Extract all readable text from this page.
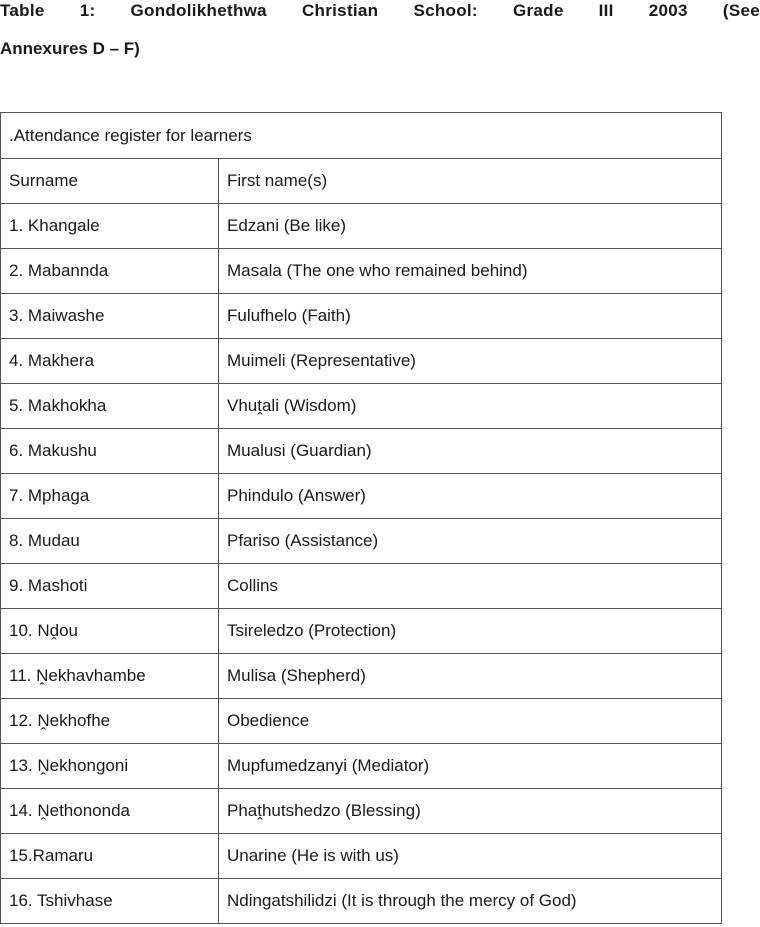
Table 1: Gondolikhethwa Christian School: Grade III 2003 (See
Annexures D – F)
.Attendance register for learners	
Surname	First name(s)
1. Khangale	Edzani (Be like)
2. Mabannda	Masala (The one who remained behind)
3. Maiwashe	Fulufhelo (Faith)
4. Makhera	Muimeli (Representative)
5. Makhokha	Vhuṱali (Wisdom)
6. Makushu	Mualusi (Guardian)
7. Mphaga	Phindulo (Answer)
8. Mudau	Pfariso (Assistance)
9. Mashoti	Collins
10. Nḓou	Tsireledzo (Protection)
11. Ṋekhavhambe	Mulisa (Shepherd)
12. Ṋekhofhe	Obedience
13. Ṋekhongoni	Mupfumedzanyi (Mediator)
14. Ṋethononda	Phaṱhutshedzo (Blessing)
15.Ramaru	Unarine (He is with us)
16. Tshivhase	Ndingatshilidzi (It is through the mercy of God)
